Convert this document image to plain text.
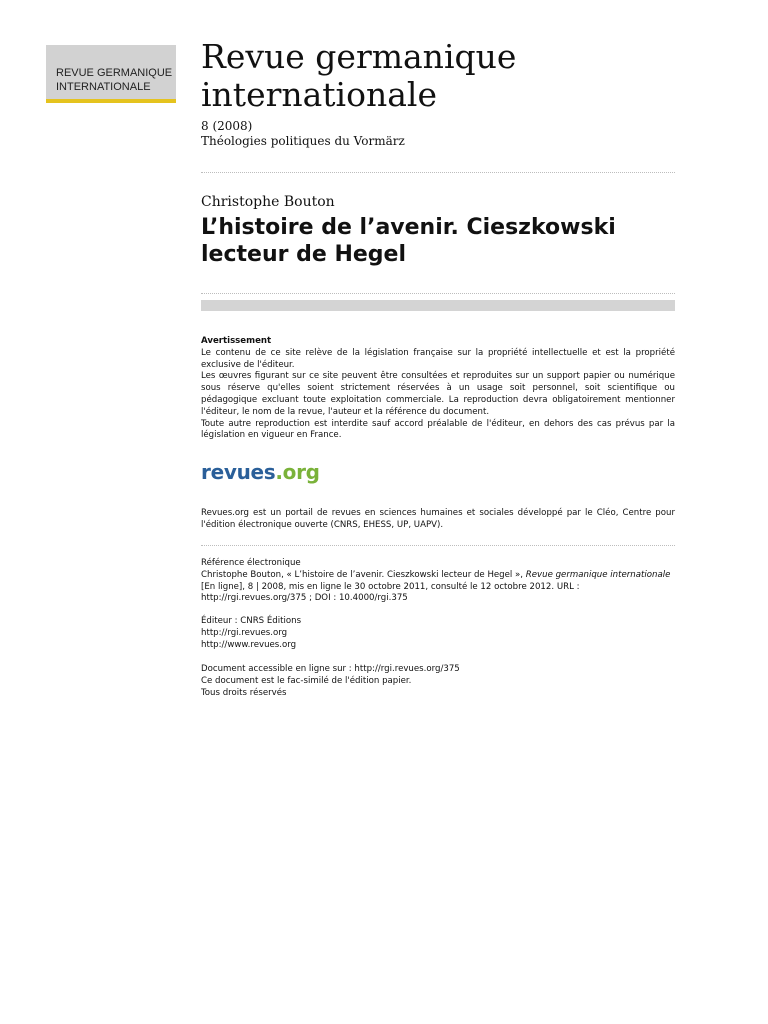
REVUE GERMANIQUE
INTERNATIONALE
Revue germanique
internationale
8 (2008)
Théologies politiques du Vormärz
Christophe Bouton
L’histoire de l’avenir. Cieszkowski
lecteur de Hegel

Avertissement

Le contenu de ce site relève de la législation française sur la propriété intellectuelle et est la propriété exclusive de l'éditeur.

Les œuvres figurant sur ce site peuvent être consultées et reproduites sur un support papier ou numérique sous réserve qu'elles soient strictement réservées à un usage soit personnel, soit scientifique ou pédagogique excluant toute exploitation commerciale. La reproduction devra obligatoirement mentionner l'éditeur, le nom de la revue, l'auteur et la référence du document.

Toute autre reproduction est interdite sauf accord préalable de l'éditeur, en dehors des cas prévus par la législation en vigueur en France.

revues.org
Revues.org est un portail de revues en sciences humaines et sociales développé par le Cléo, Centre pour l'édition électronique ouverte (CNRS, EHESS, UP, UAPV).

Référence électronique

Christophe Bouton, « L’histoire de l’avenir. Cieszkowski lecteur de Hegel », Revue germanique internationale [En ligne], 8 | 2008, mis en ligne le 30 octobre 2011, consulté le 12 octobre 2012. URL : http://rgi.revues.org/375 ; DOI : 10.4000/rgi.375

Éditeur : CNRS Éditions

http://rgi.revues.org

http://www.revues.org

Document accessible en ligne sur : http://rgi.revues.org/375

Ce document est le fac-similé de l'édition papier.

Tous droits réservés
